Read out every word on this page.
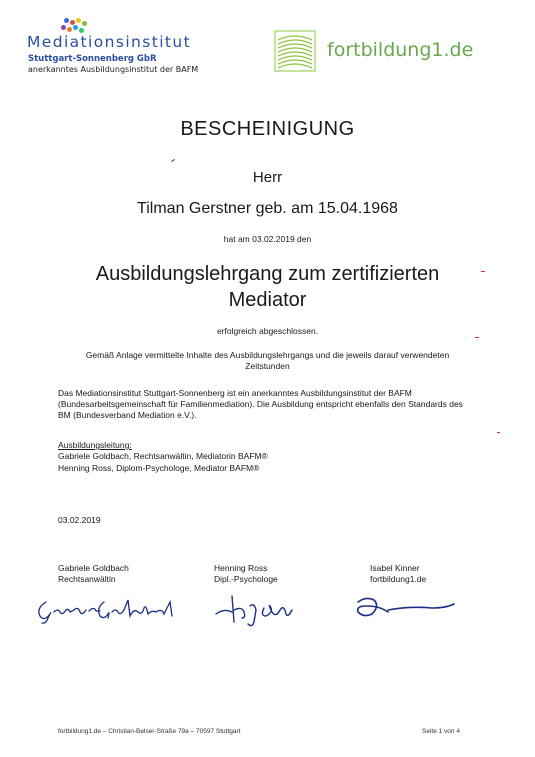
Mediationsinstitut
Stuttgart-Sonnenberg GbR
anerkanntes Ausbildungsinstitut der BAFM
fortbildung1.de
BESCHEINIGUNG
Herr
Tilman Gerstner geb. am 15.04.1968
hat am 03.02.2019 den
Ausbildungslehrgang zum zertifizierten
Mediator
erfolgreich abgeschlossen.
Gemäß Anlage vermittelte Inhalte des Ausbildungslehrgangs und die jeweils darauf verwendeten
Zeitstunden
Das Mediationsinstitut Stuttgart-Sonnenberg ist ein anerkanntes Ausbildungsinstitut der BAFM (Bundesarbeitsgemeinschaft für Familienmediation). Die Ausbildung entspricht ebenfalls den Standards des BM (Bundesverband Mediation e.V.).
Ausbildungsleitung:
Gabriele Goldbach, Rechtsanwältin, Mediatorin BAFM®
Henning Ross, Diplom-Psychologe, Mediator BAFM®
03.02.2019
Gabriele Goldbach
Rechtsanwältin
Henning Ross
Dipl.-Psychologe
Isabel Kinner
fortbildung1.de
fortbildung1.de – Christian-Belser-Straße 79a – 70597 Stuttgart	Seite 1 von 4
